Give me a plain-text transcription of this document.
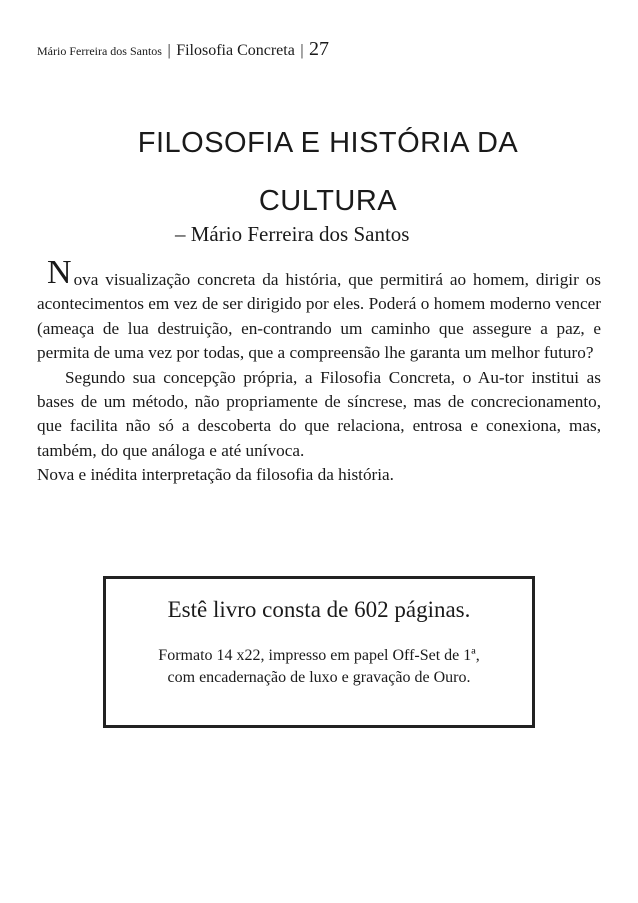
Mário Ferreira dos Santos | Filosofia Concreta | 27
FILOSOFIA E HISTÓRIA DA
CULTURA
– Mário Ferreira dos Santos

Nova visualização concreta da história, que permitirá ao homem, dirigir os acontecimentos em vez de ser dirigido por eles. Poderá o homem moderno vencer (ameaça de lua destruição, en-contrando um caminho que assegure a paz, e permita de uma vez por todas, que a compreensão lhe garanta um melhor futuro?

Segundo sua concepção própria, a Filosofia Concreta, o Au-tor institui as bases de um método, não propriamente de síncrese, mas de concrecionamento, que facilita não só a descoberta do que relaciona, entrosa e conexiona, mas, também, do que análoga e até unívoca.

Nova e inédita interpretação da filosofia da história.

Estê livro consta de 602 páginas.
Formato 14 x22, impresso em papel Off-Set de 1ª,
com encadernação de luxo e gravação de Ouro.
